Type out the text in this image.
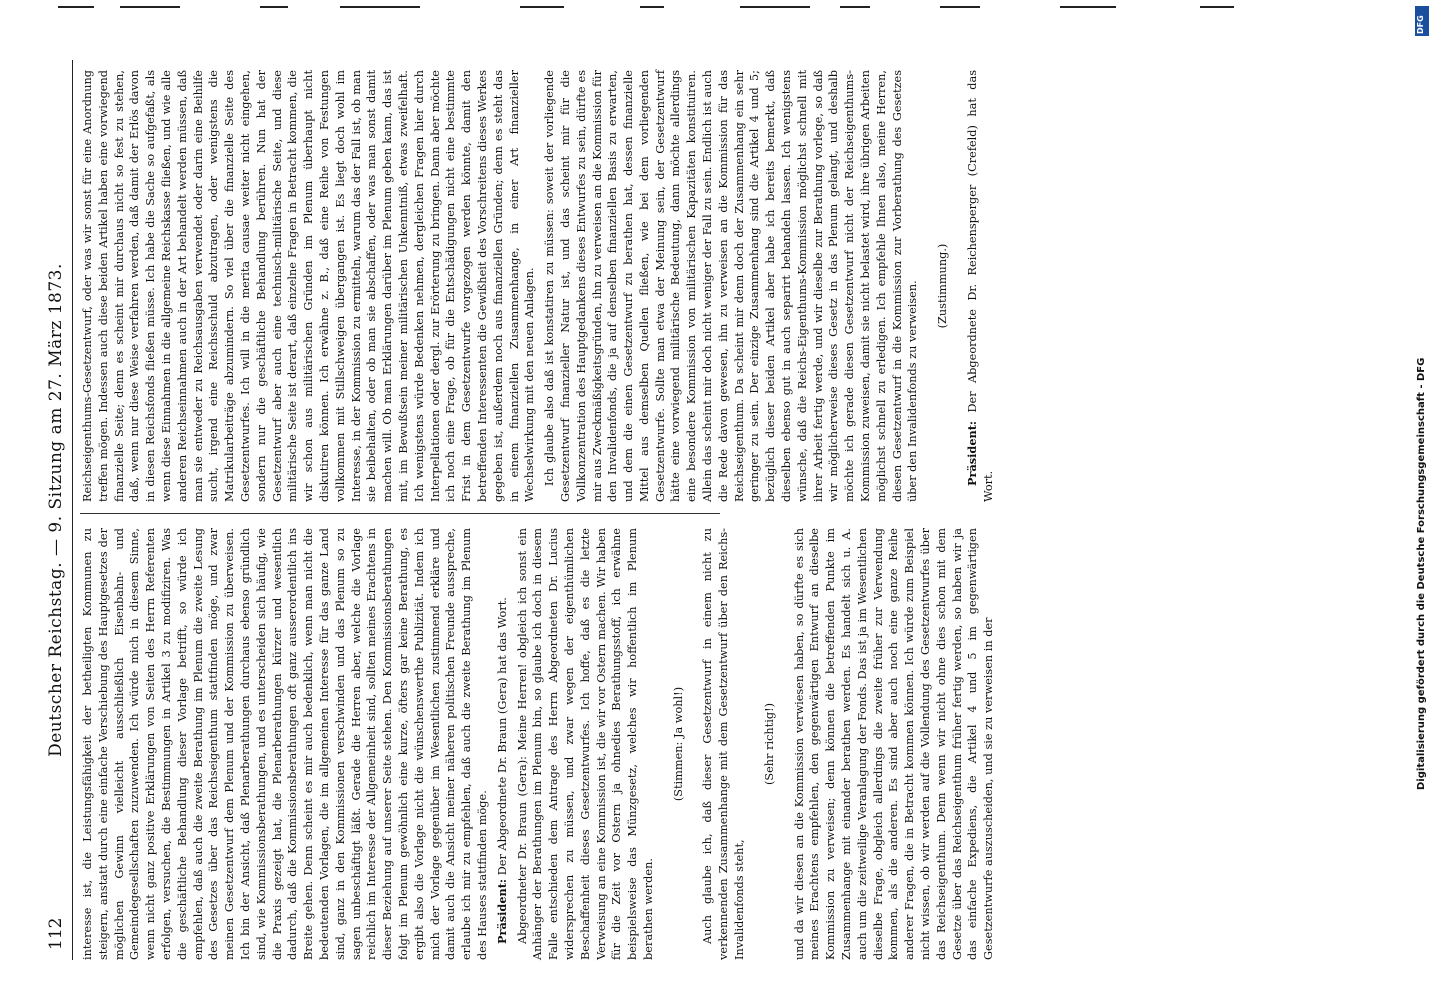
DFG
Digitalisierung gefördert durch die Deutsche Forschungsgemeinschaft - DFG
112
Deutscher Reichstag. — 9. Sitzung am 27. März 1873. interesse ist, die Leistungsfähigkeit der betheiligten Kommunen zu steigern, anstatt durch eine einfache Verschiebung des Hauptgesetzes der möglichen Gewinn vielleicht ausschließlich Eisenbahn- und Gemeindegesellschaften zuzuwenden. Ich würde mich in diesem Sinne, wenn nicht ganz positive Erklärungen von Seiten des Herrn Referenten erfolgen, versuchen, die Bestimmungen in Artikel 3 zu modifiziren. Was die geschäftliche Behandlung dieser Vorlage betrifft, so würde ich empfehlen, daß auch die zweite Berathung im Plenum die zweite Lesung des Gesetzes über das Reichseigenthum stattfinden möge, und zwar meinen Gesetzentwurf dem Plenum und der Kommission zu überweisen. Ich bin der Ansicht, daß Plenarberathungen durchaus ebenso gründlich sind, wie Kommissionsberathungen, und es unterscheiden sich häufig, wie die Praxis gezeigt hat, die Plenarberathungen kürzer und wesentlich dadurch, daß die Kommissionsberathungen oft ganz ausserordentlich ins Breite gehen. Denn scheint es mir auch bedenklich, wenn man nicht die bedeutenden Vorlagen, die im allgemeinen Interesse für das ganze Land sind, ganz in den Kommissionen verschwinden und das Plenum so zu sagen unbeschäftigt läßt. Gerade die Herren aber, welche die Vorlage reichlich im Interesse der Allgemeinheit sind, sollten meines Erachtens in dieser Beziehung auf unserer Seite stehen. Den Kommissionsberathungen folgt im Plenum gewöhnlich eine kurze, öfters gar keine Berathung, es ergibt also die Vorlage nicht die wünschenswerthe Publizität. Indem ich mich der Vorlage gegenüber im Wesentlichen zustimmend erkläre und damit auch die Ansicht meiner näheren politischen Freunde ausspreche, erlaube ich mir zu empfehlen, daß auch die zweite Berathung im Plenum des Hauses stattfinden möge. Präsident: Der Abgeordnete Dr. Braun (Gera) hat das Wort. Abgeordneter Dr. Braun (Gera): Meine Herren! obgleich ich sonst ein Anhänger der Berathungen im Plenum bin, so glaube ich doch in diesem Falle entschieden dem Antrage des Herrn Abgeordneten Dr. Lucius widersprechen zu müssen, und zwar wegen der eigenthümlichen Beschaffenheit dieses Gesetzentwurfes. Ich hoffe, daß es die letzte Verweisung an eine Kommission ist, die wir vor Ostern machen. Wir haben für die Zeit vor Ostern ja ohnedies Berathungsstoff, ich erwähne beispielsweise das Münzgesetz, welches wir hoffentlich im Plenum berathen werden.

(Stimmen: Ja wohl!) Auch glaube ich, daß dieser Gesetzentwurf in einem nicht zu verkennenden Zusammenhange mit dem Gesetzentwurf über den Reichs-Invalidenfonds steht,

(Sehr richtig!) und da wir diesen an die Kommission verwiesen haben, so dürfte es sich meines Erachtens empfehlen, den gegenwärtigen Entwurf an dieselbe Kommission zu verweisen; denn können die betreffenden Punkte im Zusammenhange mit einander berathen werden. Es handelt sich u. A. auch um die zeitweilige Veranlagung der Fonds. Das ist ja im Wesentlichen dieselbe Frage, obgleich allerdings die zweite früher zur Verwendung kommen, als die anderen. Es sind aber auch noch eine ganze Reihe anderer Fragen, die in Betracht kommen können. Ich würde zum Beispiel nicht wissen, ob wir werden auf die Vollendung des Gesetzentwurfes über das Reichseigenthum. Denn wenn wir nicht ohne dies schon mit dem Gesetze über das Reichseigenthum früher fertig werden, so haben wir ja das einfache Expediens, die Artikel 4 und 5 im gegenwärtigen Gesetzentwurfe auszuscheiden, und sie zu verweisen in der

Reichseigenthums-Gesetzentwurf, oder was wir sonst für eine Anordnung treffen mögen. Indessen auch diese beiden Artikel haben eine vorwiegend finanzielle Seite; denn es scheint mir durchaus nicht so fest zu stehen, daß, wenn nur diese Weise verfahren werden, daß damit der Erlös davon in diesen Reichsfonds fließen müsse. Ich habe die Sache so aufgefaßt, als wenn diese Einnahmen in die allgemeine Reichskasse fließen, und wie alle anderen Reichseinnahmen auch in der Art behandelt werden müssen, daß man sie entweder zu Reichsausgaben verwendet oder darin eine Beihilfe sucht, irgend eine Reichsschuld abzutragen, oder wenigstens die Matrikularbeiträge abzumindern. So viel über die finanzielle Seite des Gesetzentwurfes. Ich will in die merita causae weiter nicht eingehen, sondern nur die geschäftliche Behandlung berühren. Nun hat der Gesetzentwurf aber auch eine technisch-militärische Seite, und diese militärische Seite ist derart, daß einzelne Fragen in Betracht kommen, die wir schon aus militärischen Gründen im Plenum überhaupt nicht diskutiren können. Ich erwähne z. B., daß eine Reihe von Festungen vollkommen mit Stillschweigen übergangen ist. Es liegt doch wohl im Interesse, in der Kommission zu ermitteln, warum das der Fall ist, ob man sie beibehalten, oder ob man sie abschaffen, oder was man sonst damit machen will. Ob man Erklärungen darüber im Plenum geben kann, das ist mit, im Bewußtsein meiner militärischen Unkenntniß, etwas zweifelhaft. Ich wenigstens würde Bedenken nehmen, dergleichen Fragen hier durch Interpellationen oder dergl. zur Erörterung zu bringen. Dann aber möchte ich noch eine Frage, ob für die Entschädigungen nicht eine bestimmte Frist in dem Gesetzentwurfe vorgezogen werden könnte, damit den betreffenden Interessenten die Gewißheit des Vorschreitens dieses Werkes gegeben ist, außerdem noch aus finanziellen Gründen; denn es steht das in einem finanziellen Zusammenhange, in einer Art finanzieller Wechselwirkung mit den neuen Anlagen. Ich glaube also daß ist konstatiren zu müssen: soweit der vorliegende Gesetzentwurf finanzieller Natur ist, und das scheint mir für die Vollkonzentration des Hauptgedankens dieses Entwurfes zu sein, dürfte es mir aus Zweckmäßigkeitsgründen, ihn zu verweisen an die Kommission für den Invalidenfonds, die ja auf denselben finanziellen Basis zu erwarten, und dem die einen Gesetzentwurf zu berathen hat, dessen finanzielle Mittel aus demselben Quellen fließen, wie bei dem vorliegenden Gesetzentwurfe. Sollte man etwa der Meinung sein, der Gesetzentwurf hätte eine vorwiegend militärische Bedeutung, dann möchte allerdings eine besondere Kommission von militärischen Kapazitäten konstituiren. Allein das scheint mir doch nicht weniger der Fall zu sein. Endlich ist auch die Rede davon gewesen, ihn zu verweisen an die Kommission für das Reichseigenthum. Da scheint mir denn doch der Zusammenhang ein sehr geringer zu sein. Der einzige Zusammenhang sind die Artikel 4 und 5; bezüglich dieser beiden Artikel aber habe ich bereits bemerkt, daß dieselben ebenso gut in auch separirt behandeln lassen. Ich wenigstens wünsche, daß die Reichs-Eigenthums-Kommission möglichst schnell mit ihrer Arbeit fertig werde, und wir dieselbe zur Berathung vorlege, so daß wir möglicherweise dieses Gesetz in das Plenum gelangt, und deshalb möchte ich gerade diesen Gesetzentwurf nicht der Reichseigenthums-Kommission zuweisen, damit sie nicht belastet wird, ihre übrigen Arbeiten möglichst schnell zu erledigen. Ich empfehle Ihnen also, meine Herren, diesen Gesetzentwurf in die Kommission zur Vorberathung des Gesetzes über den Invalidenfonds zu verweisen. (Zustimmung.)

Präsident: Der Abgeordnete Dr. Reichensperger (Crefeld) hat das Wort.
